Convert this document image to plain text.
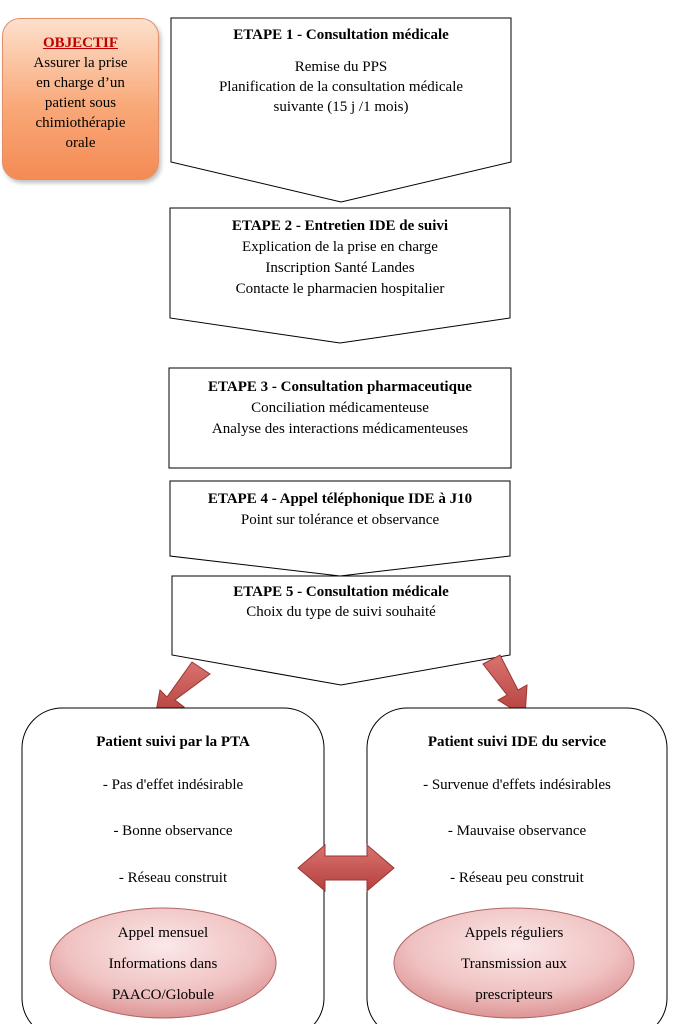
OBJECTIF
Assurer la prise
en charge d’un
patient sous
chimiothérapie
orale
ETAPE 1 - Consultation médicale
Remise du PPS
Planification de la consultation médicale
suivante (15 j /1 mois)
ETAPE 2 - Entretien IDE de suivi
Explication de la prise en charge
Inscription Santé Landes
Contacte le pharmacien hospitalier
ETAPE 3 - Consultation pharmaceutique
Conciliation médicamenteuse
Analyse des interactions médicamenteuses
ETAPE 4 - Appel téléphonique IDE à J10
Point sur tolérance et observance
ETAPE 5 - Consultation médicale
Choix du type de suivi souhaité
Patient suivi par la PTA
- Pas d'effet indésirable
- Bonne observance
- Réseau construit
Appel mensuel
Informations dans
PAACO/Globule
Patient suivi IDE du service
- Survenue d'effets indésirables
- Mauvaise observance
- Réseau peu construit
Appels réguliers
Transmission aux
prescripteurs
